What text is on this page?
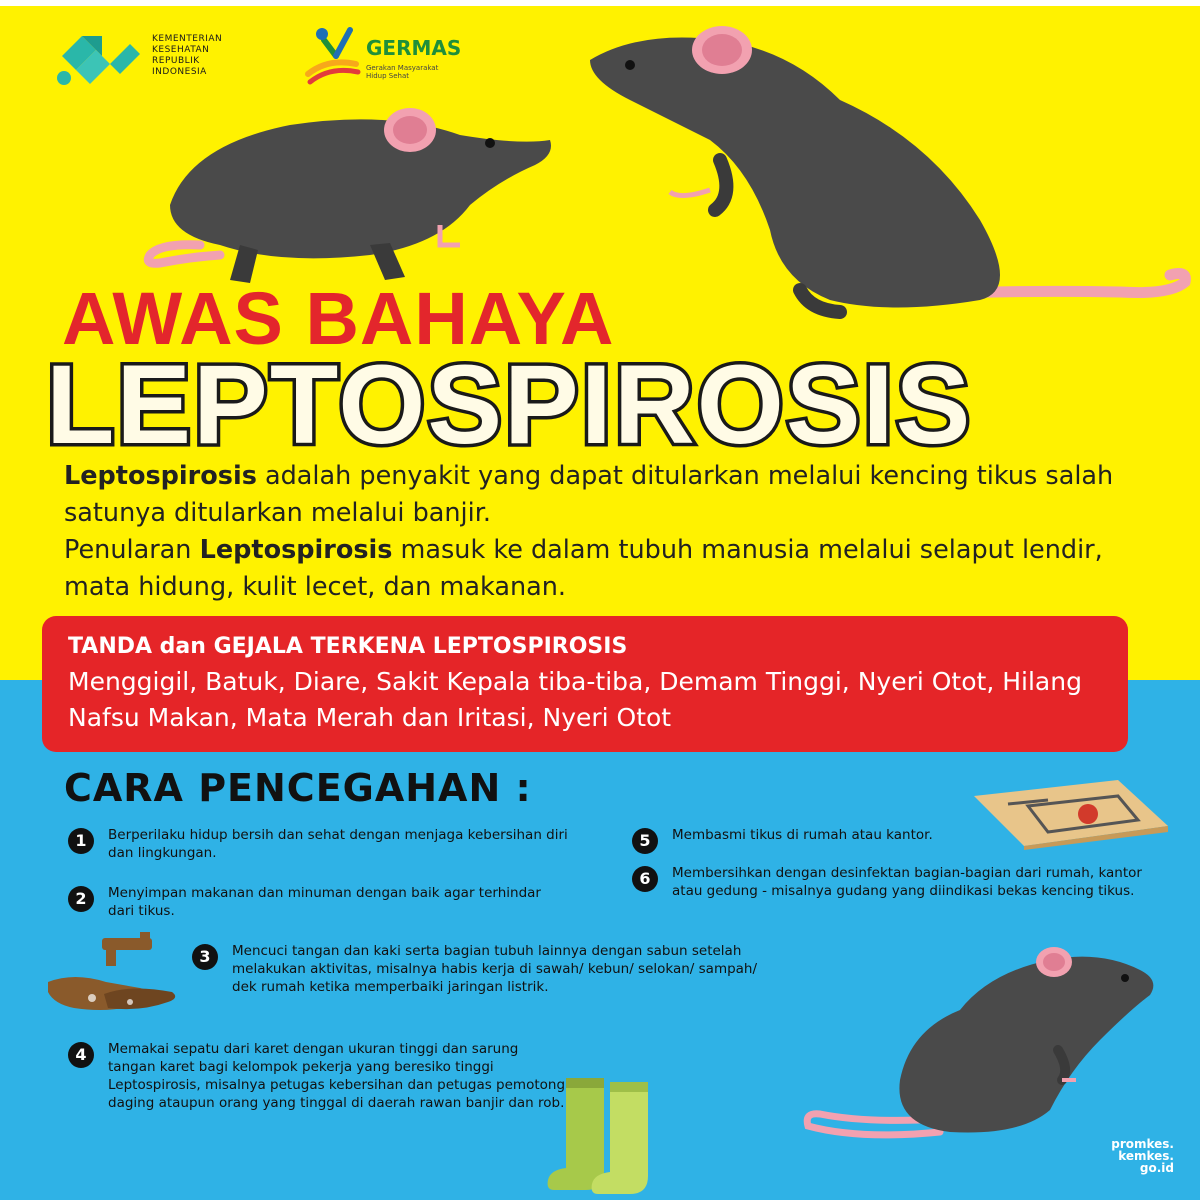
KEMENTERIAN
KESEHATAN
REPUBLIK
INDONESIA
GERMAS
Gerakan Masyarakat Hidup Sehat
AWAS BAHAYA
LEPTOSPIROSIS
Leptospirosis adalah penyakit yang dapat ditularkan melalui kencing tikus salah satunya ditularkan melalui banjir.
Penularan Leptospirosis masuk ke dalam tubuh manusia melalui selaput lendir, mata hidung, kulit lecet, dan makanan.
TANDA dan GEJALA TERKENA LEPTOSPIROSIS
Menggigil, Batuk, Diare, Sakit Kepala tiba-tiba, Demam Tinggi, Nyeri Otot, Hilang Nafsu Makan, Mata Merah dan Iritasi, Nyeri Otot
CARA PENCEGAHAN :
1	Berperilaku hidup bersih dan sehat dengan menjaga kebersihan diri dan lingkungan.
2	Menyimpan makanan dan minuman dengan baik agar terhindar dari tikus.
3	Mencuci tangan dan kaki serta bagian tubuh lainnya dengan sabun setelah melakukan aktivitas, misalnya habis kerja di sawah/ kebun/ selokan/ sampah/ dek rumah ketika memperbaiki jaringan listrik.
4	Memakai sepatu dari karet dengan ukuran tinggi dan sarung tangan karet bagi kelompok pekerja yang beresiko tinggi Leptospirosis, misalnya petugas kebersihan dan petugas pemotong daging ataupun orang yang tinggal di daerah rawan banjir dan rob.
5	Membasmi tikus di rumah atau kantor.
6	Membersihkan dengan desinfektan bagian-bagian dari rumah, kantor atau gedung - misalnya gudang yang diindikasi bekas kencing tikus.
promkes.
kemkes.
go.id
